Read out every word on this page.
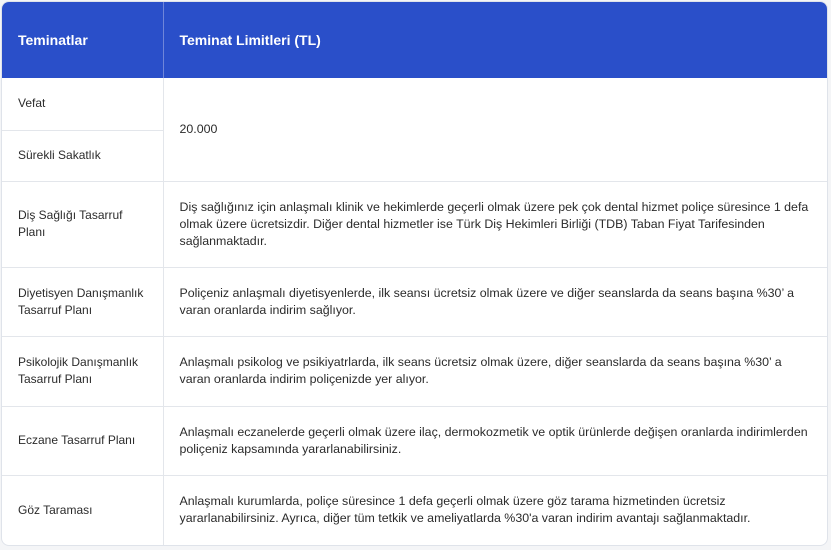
Teminatlar	Teminat Limitleri (TL)
Vefat	20.000
Sürekli Sakatlık	
Diş Sağlığı Tasarruf Planı	Diş sağlığınız için anlaşmalı klinik ve hekimlerde geçerli olmak üzere pek çok dental hizmet poliçe süresince 1 defa olmak üzere ücretsizdir. Diğer dental hizmetler ise Türk Diş Hekimleri Birliği (TDB) Taban Fiyat Tarifesinden sağlanmaktadır.
Diyetisyen Danışmanlık Tasarruf Planı	Poliçeniz anlaşmalı diyetisyenlerde, ilk seansı ücretsiz olmak üzere ve diğer seanslarda da seans başına %30’ a varan oranlarda indirim sağlıyor.
Psikolojik Danışmanlık Tasarruf Planı	Anlaşmalı psikolog ve psikiyatrlarda, ilk seans ücretsiz olmak üzere, diğer seanslarda da seans başına %30’ a varan oranlarda indirim poliçenizde yer alıyor.
Eczane Tasarruf Planı	Anlaşmalı eczanelerde geçerli olmak üzere ilaç, dermokozmetik ve optik ürünlerde değişen oranlarda indirimlerden poliçeniz kapsamında yararlanabilirsiniz.
Göz Taraması	Anlaşmalı kurumlarda, poliçe süresince 1 defa geçerli olmak üzere göz tarama hizmetinden ücretsiz yararlanabilirsiniz. Ayrıca, diğer tüm tetkik ve ameliyatlarda %30'a varan indirim avantajı sağlanmaktadır.
